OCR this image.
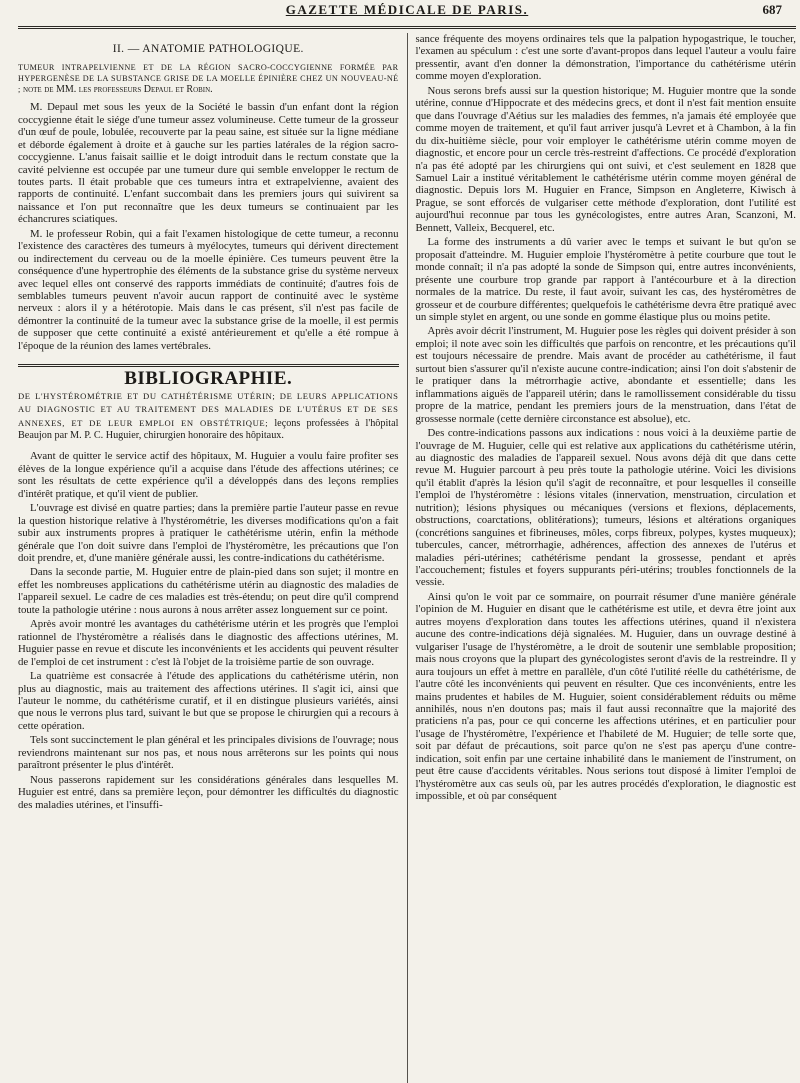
GAZETTE MÉDICALE DE PARIS.	687
II. — ANATOMIE PATHOLOGIQUE.
TUMEUR INTRAPELVIENNE ET DE LA RÉGION SACRO-COCCYGIENNE FORMÉE PAR HYPERGENÈSE DE LA SUBSTANCE GRISE DE LA MOELLE ÉPINIÈRE CHEZ UN NOUVEAU-NÉ ; note de MM. les professeurs Depaul et Robin.

M. Depaul met sous les yeux de la Société le bassin d'un enfant dont la région coccygienne était le siége d'une tumeur assez volumineuse. Cette tumeur de la grosseur d'un œuf de poule, lobulée, recouverte par la peau saine, est située sur la ligne médiane et déborde également à droite et à gauche sur les parties latérales de la région sacro-coccygienne. L'anus faisait saillie et le doigt introduit dans le rectum constate que la cavité pelvienne est occupée par une tumeur dure qui semble envelopper le rectum de toutes parts. Il était probable que ces tumeurs intra et extrapelvienne, avaient des rapports de continuité. L'enfant succombait dans les premiers jours qui suivirent sa naissance et l'on put reconnaître que les deux tumeurs se continuaient par les échancrures sciatiques.

M. le professeur Robin, qui a fait l'examen histologique de cette tumeur, a reconnu l'existence des caractères des tumeurs à myélocytes, tumeurs qui dérivent directement ou indirectement du cerveau ou de la moelle épinière. Ces tumeurs peuvent être la conséquence d'une hypertrophie des éléments de la substance grise du système nerveux avec lequel elles ont conservé des rapports immédiats de continuité; d'autres fois de semblables tumeurs peuvent n'avoir aucun rapport de continuité avec le système nerveux : alors il y a hétérotopie. Mais dans le cas présent, s'il n'est pas facile de démontrer la continuité de la tumeur avec la substance grise de la moelle, il est permis de supposer que cette continuité a existé antérieurement et qu'elle a été rompue à l'époque de la réunion des lames vertébrales.

BIBLIOGRAPHIE.
DE L'HYSTÉROMÉTRIE ET DU CATHÉTÉRISME UTÉRIN; DE LEURS APPLICATIONS AU DIAGNOSTIC ET AU TRAITEMENT DES MALADIES DE L'UTÉRUS ET DE SES ANNEXES, ET DE LEUR EMPLOI EN OBSTÉTRIQUE; leçons professées à l'hôpital Beaujon par M. P. C. Huguier, chirurgien honoraire des hôpitaux.

Avant de quitter le service actif des hôpitaux, M. Huguier a voulu faire profiter ses élèves de la longue expérience qu'il a acquise dans l'étude des affections utérines; ce sont les résultats de cette expérience qu'il a développés dans des leçons remplies d'intérêt pratique, et qu'il vient de publier.

L'ouvrage est divisé en quatre parties; dans la première partie l'auteur passe en revue la question historique relative à l'hystérométrie, les diverses modifications qu'on a fait subir aux instruments propres à pratiquer le cathétérisme utérin, enfin la méthode générale que l'on doit suivre dans l'emploi de l'hystéromètre, les précautions que l'on doit prendre, et, d'une manière générale aussi, les contre-indications du cathétérisme.

Dans la seconde partie, M. Huguier entre de plain-pied dans son sujet; il montre en effet les nombreuses applications du cathétérisme utérin au diagnostic des maladies de l'appareil sexuel. Le cadre de ces maladies est très-étendu; on peut dire qu'il comprend toute la pathologie utérine : nous aurons à nous arrêter assez longuement sur ce point.

Après avoir montré les avantages du cathétérisme utérin et les progrès que l'emploi rationnel de l'hystéromètre a réalisés dans le diagnostic des affections utérines, M. Huguier passe en revue et discute les inconvénients et les accidents qui peuvent résulter de l'emploi de cet instrument : c'est là l'objet de la troisième partie de son ouvrage.

La quatrième est consacrée à l'étude des applications du cathétérisme utérin, non plus au diagnostic, mais au traitement des affections utérines. Il s'agit ici, ainsi que l'auteur le nomme, du cathétérisme curatif, et il en distingue plusieurs variétés, ainsi que nous le verrons plus tard, suivant le but que se propose le chirurgien qui a recours à cette opération.

Tels sont succinctement le plan général et les principales divisions de l'ouvrage; nous reviendrons maintenant sur nos pas, et nous nous arrêterons sur les points qui nous paraîtront présenter le plus d'intérêt.

Nous passerons rapidement sur les considérations générales dans lesquelles M. Huguier est entré, dans sa première leçon, pour démontrer les difficultés du diagnostic des maladies utérines, et l'insuffi-

sance fréquente des moyens ordinaires tels que la palpation hypogastrique, le toucher, l'examen au spéculum : c'est une sorte d'avant-propos dans lequel l'auteur a voulu faire pressentir, avant d'en donner la démonstration, l'importance du cathétérisme utérin comme moyen d'exploration.

Nous serons brefs aussi sur la question historique; M. Huguier montre que la sonde utérine, connue d'Hippocrate et des médecins grecs, et dont il n'est fait mention ensuite que dans l'ouvrage d'Aétius sur les maladies des femmes, n'a jamais été employée que comme moyen de traitement, et qu'il faut arriver jusqu'à Levret et à Chambon, à la fin du dix-huitième siècle, pour voir employer le cathétérisme utérin comme moyen de diagnostic, et encore pour un cercle très-restreint d'affections. Ce procédé d'exploration n'a pas été adopté par les chirurgiens qui ont suivi, et c'est seulement en 1828 que Samuel Lair a institué véritablement le cathétérisme utérin comme moyen général de diagnostic. Depuis lors M. Huguier en France, Simpson en Angleterre, Kiwisch à Prague, se sont efforcés de vulgariser cette méthode d'exploration, dont l'utilité est aujourd'hui reconnue par tous les gynécologistes, entre autres Aran, Scanzoni, M. Bennett, Valleix, Becquerel, etc.

La forme des instruments a dû varier avec le temps et suivant le but qu'on se proposait d'atteindre. M. Huguier emploie l'hystéromètre à petite courbure que tout le monde connaît; il n'a pas adopté la sonde de Simpson qui, entre autres inconvénients, présente une courbure trop grande par rapport à l'antécourbure et à la direction normales de la matrice. Du reste, il faut avoir, suivant les cas, des hystéromètres de grosseur et de courbure différentes; quelquefois le cathétérisme devra être pratiqué avec un simple stylet en argent, ou une sonde en gomme élastique plus ou moins petite.

Après avoir décrit l'instrument, M. Huguier pose les règles qui doivent présider à son emploi; il note avec soin les difficultés que parfois on rencontre, et les précautions qu'il est toujours nécessaire de prendre. Mais avant de procéder au cathétérisme, il faut surtout bien s'assurer qu'il n'existe aucune contre-indication; ainsi l'on doit s'abstenir de le pratiquer dans la métrorrhagie active, abondante et essentielle; dans les inflammations aiguës de l'appareil utérin; dans le ramollissement considérable du tissu propre de la matrice, pendant les premiers jours de la menstruation, dans l'état de grossesse normale (cette dernière circonstance est absolue), etc.

Des contre-indications passons aux indications : nous voici à la deuxième partie de l'ouvrage de M. Huguier, celle qui est relative aux applications du cathétérisme utérin, au diagnostic des maladies de l'appareil sexuel. Nous avons déjà dit que dans cette revue M. Huguier parcourt à peu près toute la pathologie utérine. Voici les divisions qu'il établit d'après la lésion qu'il s'agit de reconnaître, et pour lesquelles il conseille l'emploi de l'hystéromètre : lésions vitales (innervation, menstruation, circulation et nutrition); lésions physiques ou mécaniques (versions et flexions, déplacements, obstructions, coarctations, oblitérations); tumeurs, lésions et altérations organiques (concrétions sanguines et fibrineuses, môles, corps fibreux, polypes, kystes muqueux); tubercules, cancer, métrorrhagie, adhérences, affection des annexes de l'utérus et maladies péri-utérines; cathétérisme pendant la grossesse, pendant et après l'accouchement; fistules et foyers suppurants péri-utérins; troubles fonctionnels de la vessie.

Ainsi qu'on le voit par ce sommaire, on pourrait résumer d'une manière générale l'opinion de M. Huguier en disant que le cathétérisme est utile, et devra être joint aux autres moyens d'exploration dans toutes les affections utérines, quand il n'existera aucune des contre-indications déjà signalées. M. Huguier, dans un ouvrage destiné à vulgariser l'usage de l'hystéromètre, a le droit de soutenir une semblable proposition; mais nous croyons que la plupart des gynécologistes seront d'avis de la restreindre. Il y aura toujours un effet à mettre en parallèle, d'un côté l'utilité réelle du cathétérisme, de l'autre côté les inconvénients qui peuvent en résulter. Que ces inconvénients, entre les mains prudentes et habiles de M. Huguier, soient considérablement réduits ou même annihilés, nous n'en doutons pas; mais il faut aussi reconnaître que la majorité des praticiens n'a pas, pour ce qui concerne les affections utérines, et en particulier pour l'usage de l'hystéromètre, l'expérience et l'habileté de M. Huguier; de telle sorte que, soit par défaut de précautions, soit parce qu'on ne s'est pas aperçu d'une contre-indication, soit enfin par une certaine inhabilité dans le maniement de l'instrument, on peut être cause d'accidents véritables. Nous serions tout disposé à limiter l'emploi de l'hystéromètre aux cas seuls où, par les autres procédés d'exploration, le diagnostic est impossible, et où par conséquent
